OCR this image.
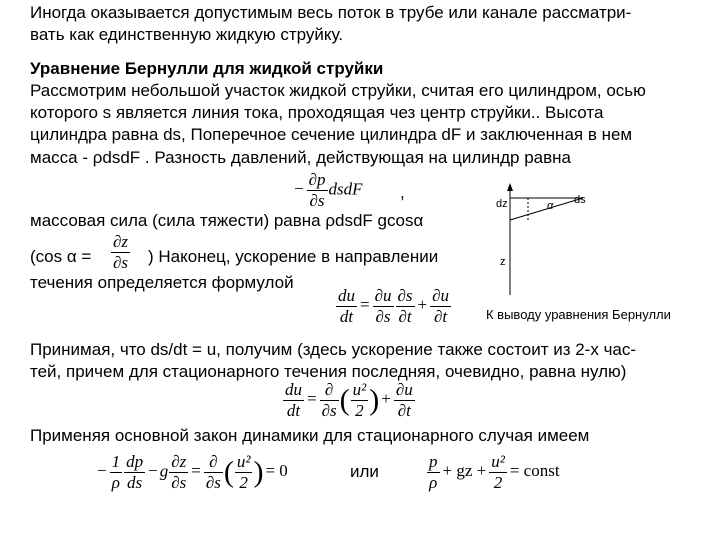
Иногда оказывается допустимым весь поток в трубе или канале рассматри-
вать как единственную жидкую струйку.
Уравнение Бернулли для жидкой струйки
Рассмотрим небольшой участок жидкой струйки, считая его цилиндром, осью
которого s является линия тока, проходящая чез центр струйки.. Высота
цилиндра равна ds, Поперечное сечение цилиндра dF и заключенная в нем
масса - ρdsdF . Разность давлений, действующая на цилиндр равна
− $\frac{\partial p}{\partial s}$ dsdF ,
массовая сила (сила тяжести) равна ρdsdF gcosα
(cos $\alpha = \frac{\partial z}{\partial s}$ ) Наконец, ускорение в направлении
течения определяется формулой
$\frac{du}{dt} = \frac{\partial u}{\partial s} \frac{\partial s}{\partial t} + \frac{\partial u}{\partial t}$
dz	α ds
z
К выводу уравнения Бернулли
Принимая, что ds/dt = u, получим (здесь ускорение также состоит из 2-х час-
тей, причем для стационарного течения последняя, очевидно, равна нулю)
$\frac{du}{dt} = \frac{\partial}{\partial s}$ ( $\frac{\text{u²}}{2}$ ) + $\frac{\partial u}{\partial t}$
Применяя основной закон динамики для стационарного случая имеем
− $\frac{1}{\rho} \frac{dp}{ds} - g \frac{\partial z}{\partial s} = \frac{\partial}{\partial s}$ ( $\frac{\text{u²}}{2}$ ) = 0	или	$\frac{p}{\rho}$ + gz + $\frac{\text{u²}}{2}$ = const
